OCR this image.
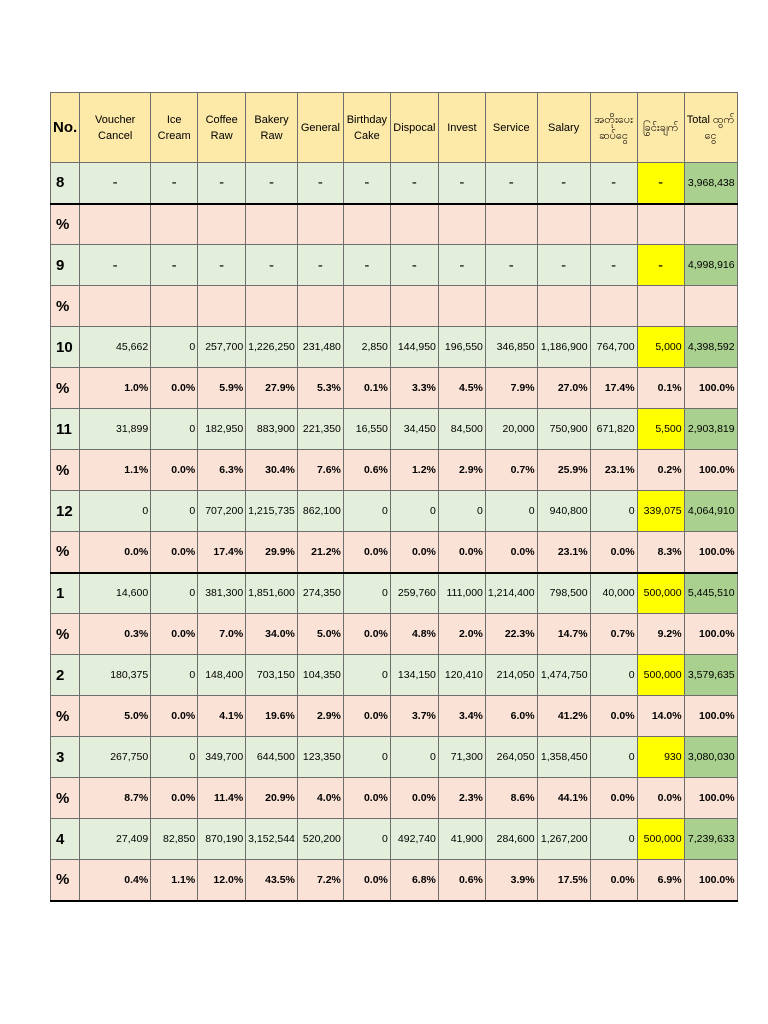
No.	Voucher Cancel	Ice Cream	Coffee Raw	Bakery Raw	General	Birthday Cake	Dispocal	Invest	Service	Salary	အတိုးပေး ဆပ်ငွေ	ခြွင်းချက်	Total ထွက်ငွေ
8	-	-	-	-	-	-	-	-	-	-	-	-	3,968,438
%													
9	-	-	-	-	-	-	-	-	-	-	-	-	4,998,916
%													
10	45,662	0	257,700	1,226,250	231,480	2,850	144,950	196,550	346,850	1,186,900	764,700	5,000	4,398,592
%	1.0%	0.0%	5.9%	27.9%	5.3%	0.1%	3.3%	4.5%	7.9%	27.0%	17.4%	0.1%	100.0%
11	31,899	0	182,950	883,900	221,350	16,550	34,450	84,500	20,000	750,900	671,820	5,500	2,903,819
%	1.1%	0.0%	6.3%	30.4%	7.6%	0.6%	1.2%	2.9%	0.7%	25.9%	23.1%	0.2%	100.0%
12	0	0	707,200	1,215,735	862,100	0	0	0	0	940,800	0	339,075	4,064,910
%	0.0%	0.0%	17.4%	29.9%	21.2%	0.0%	0.0%	0.0%	0.0%	23.1%	0.0%	8.3%	100.0%
1	14,600	0	381,300	1,851,600	274,350	0	259,760	111,000	1,214,400	798,500	40,000	500,000	5,445,510
%	0.3%	0.0%	7.0%	34.0%	5.0%	0.0%	4.8%	2.0%	22.3%	14.7%	0.7%	9.2%	100.0%
2	180,375	0	148,400	703,150	104,350	0	134,150	120,410	214,050	1,474,750	0	500,000	3,579,635
%	5.0%	0.0%	4.1%	19.6%	2.9%	0.0%	3.7%	3.4%	6.0%	41.2%	0.0%	14.0%	100.0%
3	267,750	0	349,700	644,500	123,350	0	0	71,300	264,050	1,358,450	0	930	3,080,030
%	8.7%	0.0%	11.4%	20.9%	4.0%	0.0%	0.0%	2.3%	8.6%	44.1%	0.0%	0.0%	100.0%
4	27,409	82,850	870,190	3,152,544	520,200	0	492,740	41,900	284,600	1,267,200	0	500,000	7,239,633
%	0.4%	1.1%	12.0%	43.5%	7.2%	0.0%	6.8%	0.6%	3.9%	17.5%	0.0%	6.9%	100.0%
